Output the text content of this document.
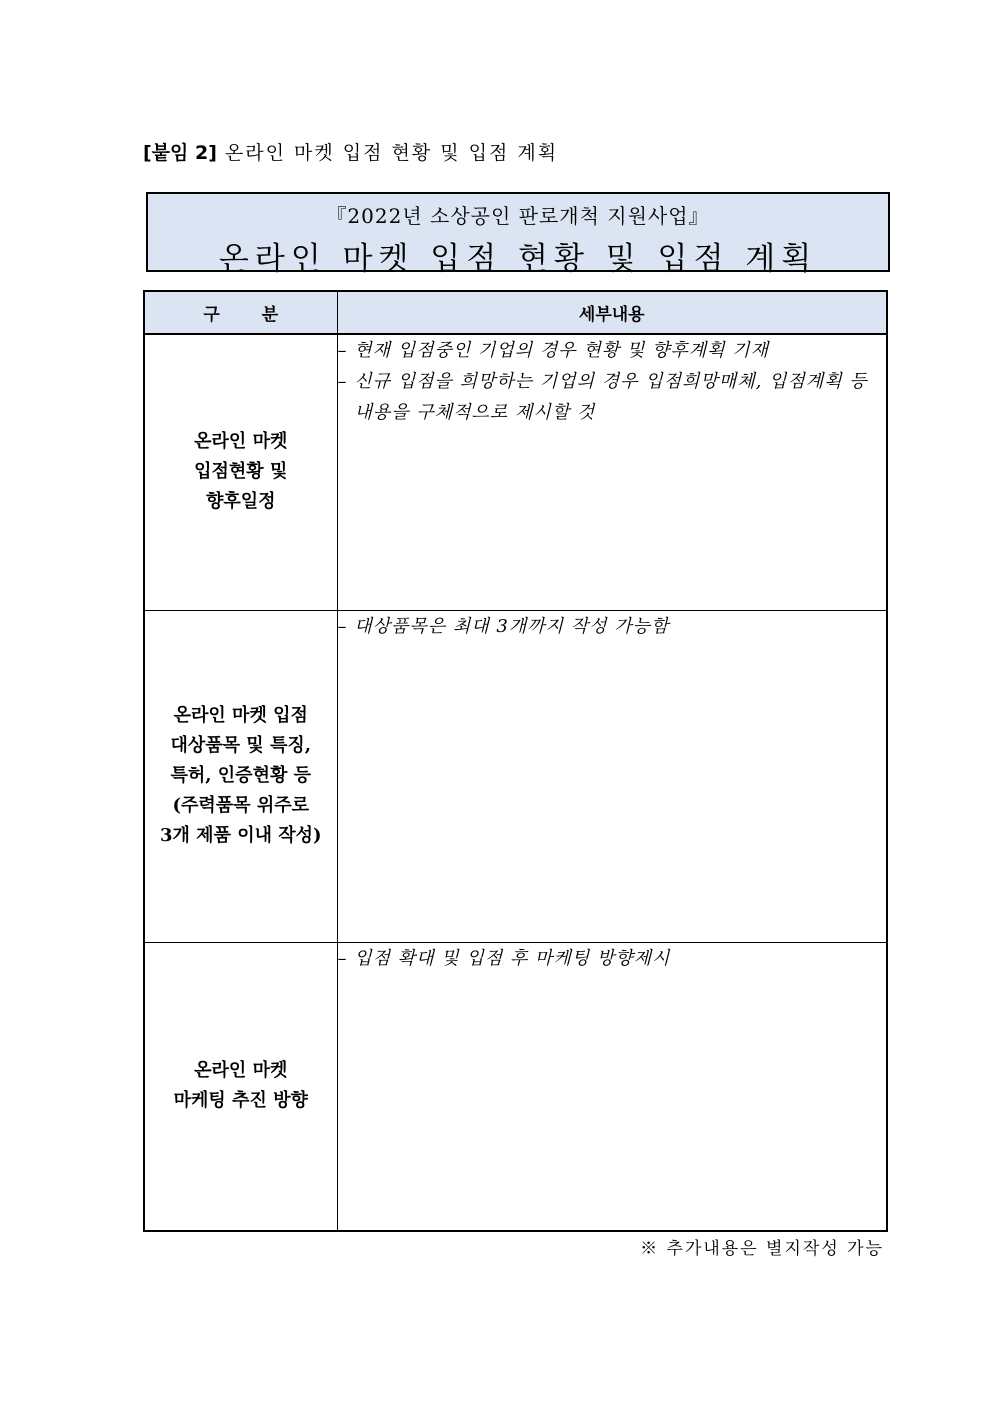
[붙임 2] 온라인 마켓 입점 현황 및 입점 계획
『2022년 소상공인 판로개척 지원사업』
온라인 마켓 입점 현황 및 입점 계획
구 분	세부내용

온라인 마켓
입점현황 및
향후일정	– 현재 입점중인 기업의 경우 현황 및 향후계획 기재
– 신규 입점을 희망하는 기업의 경우 입점희망매체, 입점계획 등 내용을 구체적으로 제시할 것

온라인 마켓 입점
대상품목 및 특징,
특허, 인증현황 등
(주력품목 위주로
3개 제품 이내 작성)	– 대상품목은 최대 3개까지 작성 가능함

온라인 마켓
마케팅 추진 방향	– 입점 확대 및 입점 후 마케팅 방향제시
※ 추가내용은 별지작성 가능
